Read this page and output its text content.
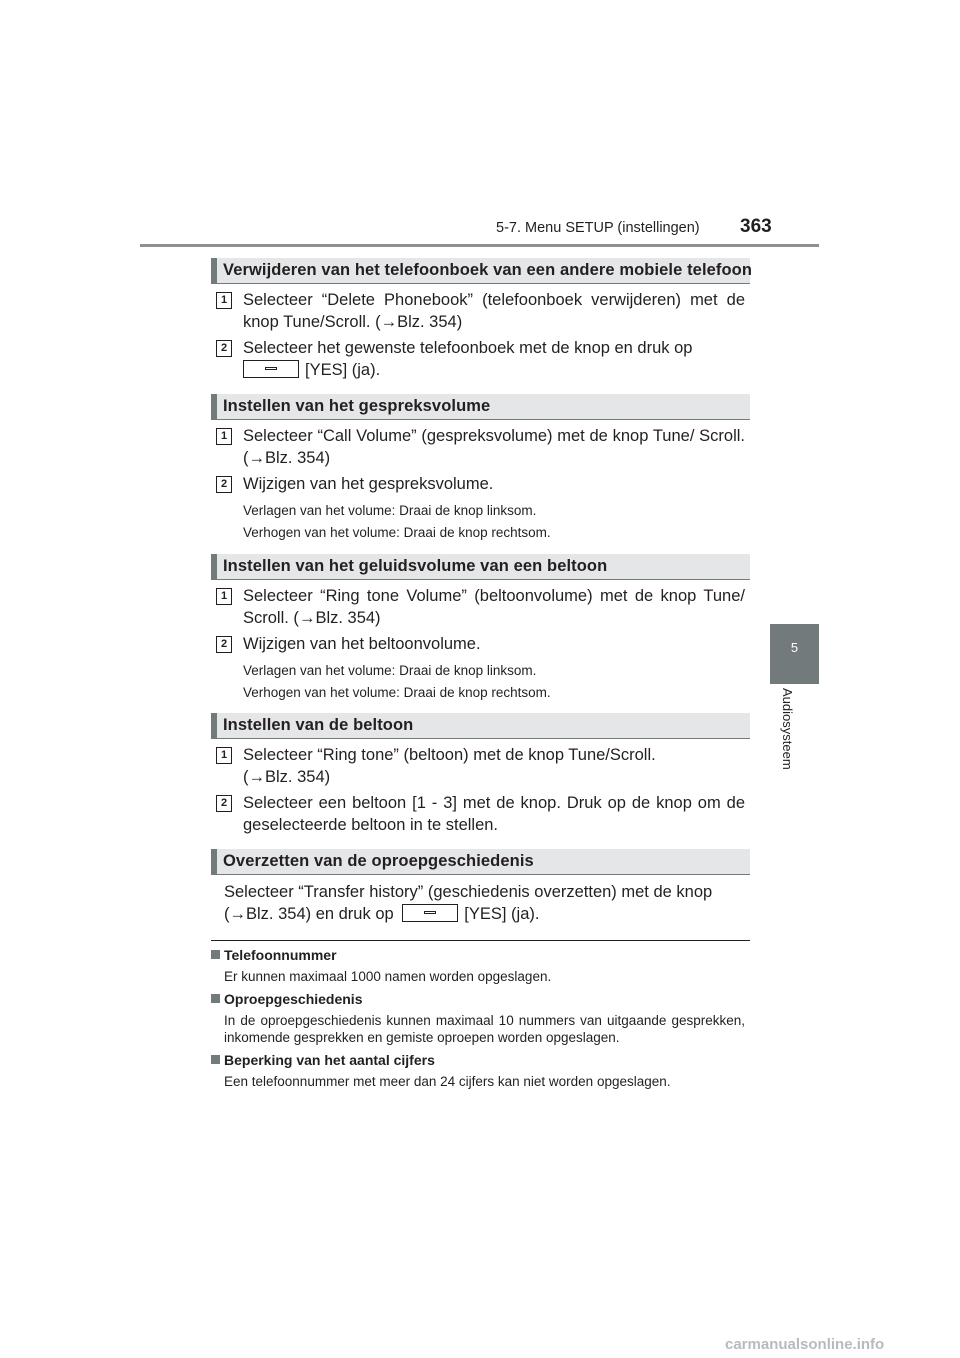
5-7. Menu SETUP (instellingen) 363
5
Audiosysteem
Verwijderen van het telefoonboek van een andere mobiele telefoon
1 Selecteer “Delete Phonebook” (telefoonboek verwijderen) met de knop Tune/Scroll. (→Blz. 354)
2 Selecteer het gewenste telefoonboek met de knop en druk op
[YES] (ja).
Instellen van het gespreksvolume
1 Selecteer “Call Volume” (gespreksvolume) met de knop Tune/ Scroll. (→Blz. 354)
2 Wijzigen van het gespreksvolume.
Verlagen van het volume: Draai de knop linksom.
Verhogen van het volume: Draai de knop rechtsom.
Instellen van het geluidsvolume van een beltoon
1 Selecteer “Ring tone Volume” (beltoonvolume) met de knop Tune/ Scroll. (→Blz. 354)
2 Wijzigen van het beltoonvolume.
Verlagen van het volume: Draai de knop linksom.
Verhogen van het volume: Draai de knop rechtsom.
Instellen van de beltoon
1 Selecteer “Ring tone” (beltoon) met de knop Tune/Scroll.
(→Blz. 354)
2 Selecteer een beltoon [1 - 3] met de knop. Druk op de knop om de geselecteerde beltoon in te stellen.
Overzetten van de oproepgeschiedenis
Selecteer “Transfer history” (geschiedenis overzetten) met de knop
(→Blz. 354) en druk op	[YES] (ja).
Telefoonnummer
Er kunnen maximaal 1000 namen worden opgeslagen.
Oproepgeschiedenis
In de oproepgeschiedenis kunnen maximaal 10 nummers van uitgaande gesprekken, inkomende gesprekken en gemiste oproepen worden opgeslagen.
Beperking van het aantal cijfers
Een telefoonnummer met meer dan 24 cijfers kan niet worden opgeslagen.
carmanualsonline.info
